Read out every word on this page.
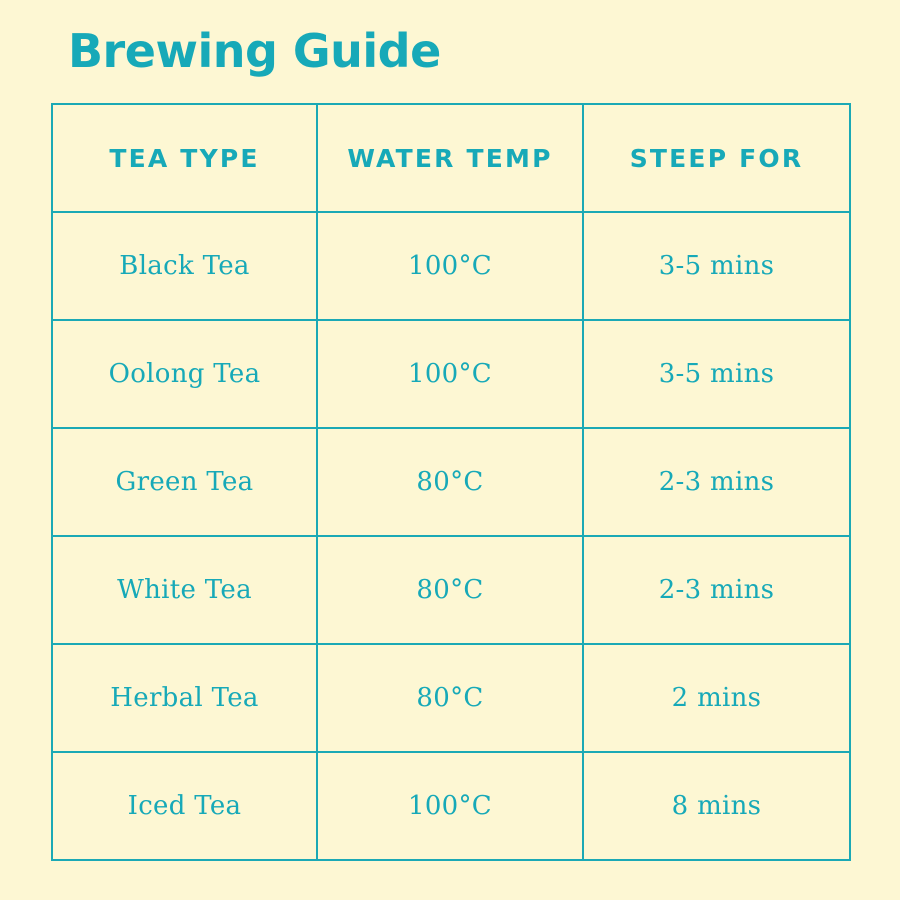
Brewing Guide
TEA TYPE	WATER TEMP	STEEP FOR
Black Tea	100°C	3-5 mins
Oolong Tea	100°C	3-5 mins
Green Tea	80°C	2-3 mins
White Tea	80°C	2-3 mins
Herbal Tea	80°C	2 mins
Iced Tea	100°C	8 mins
